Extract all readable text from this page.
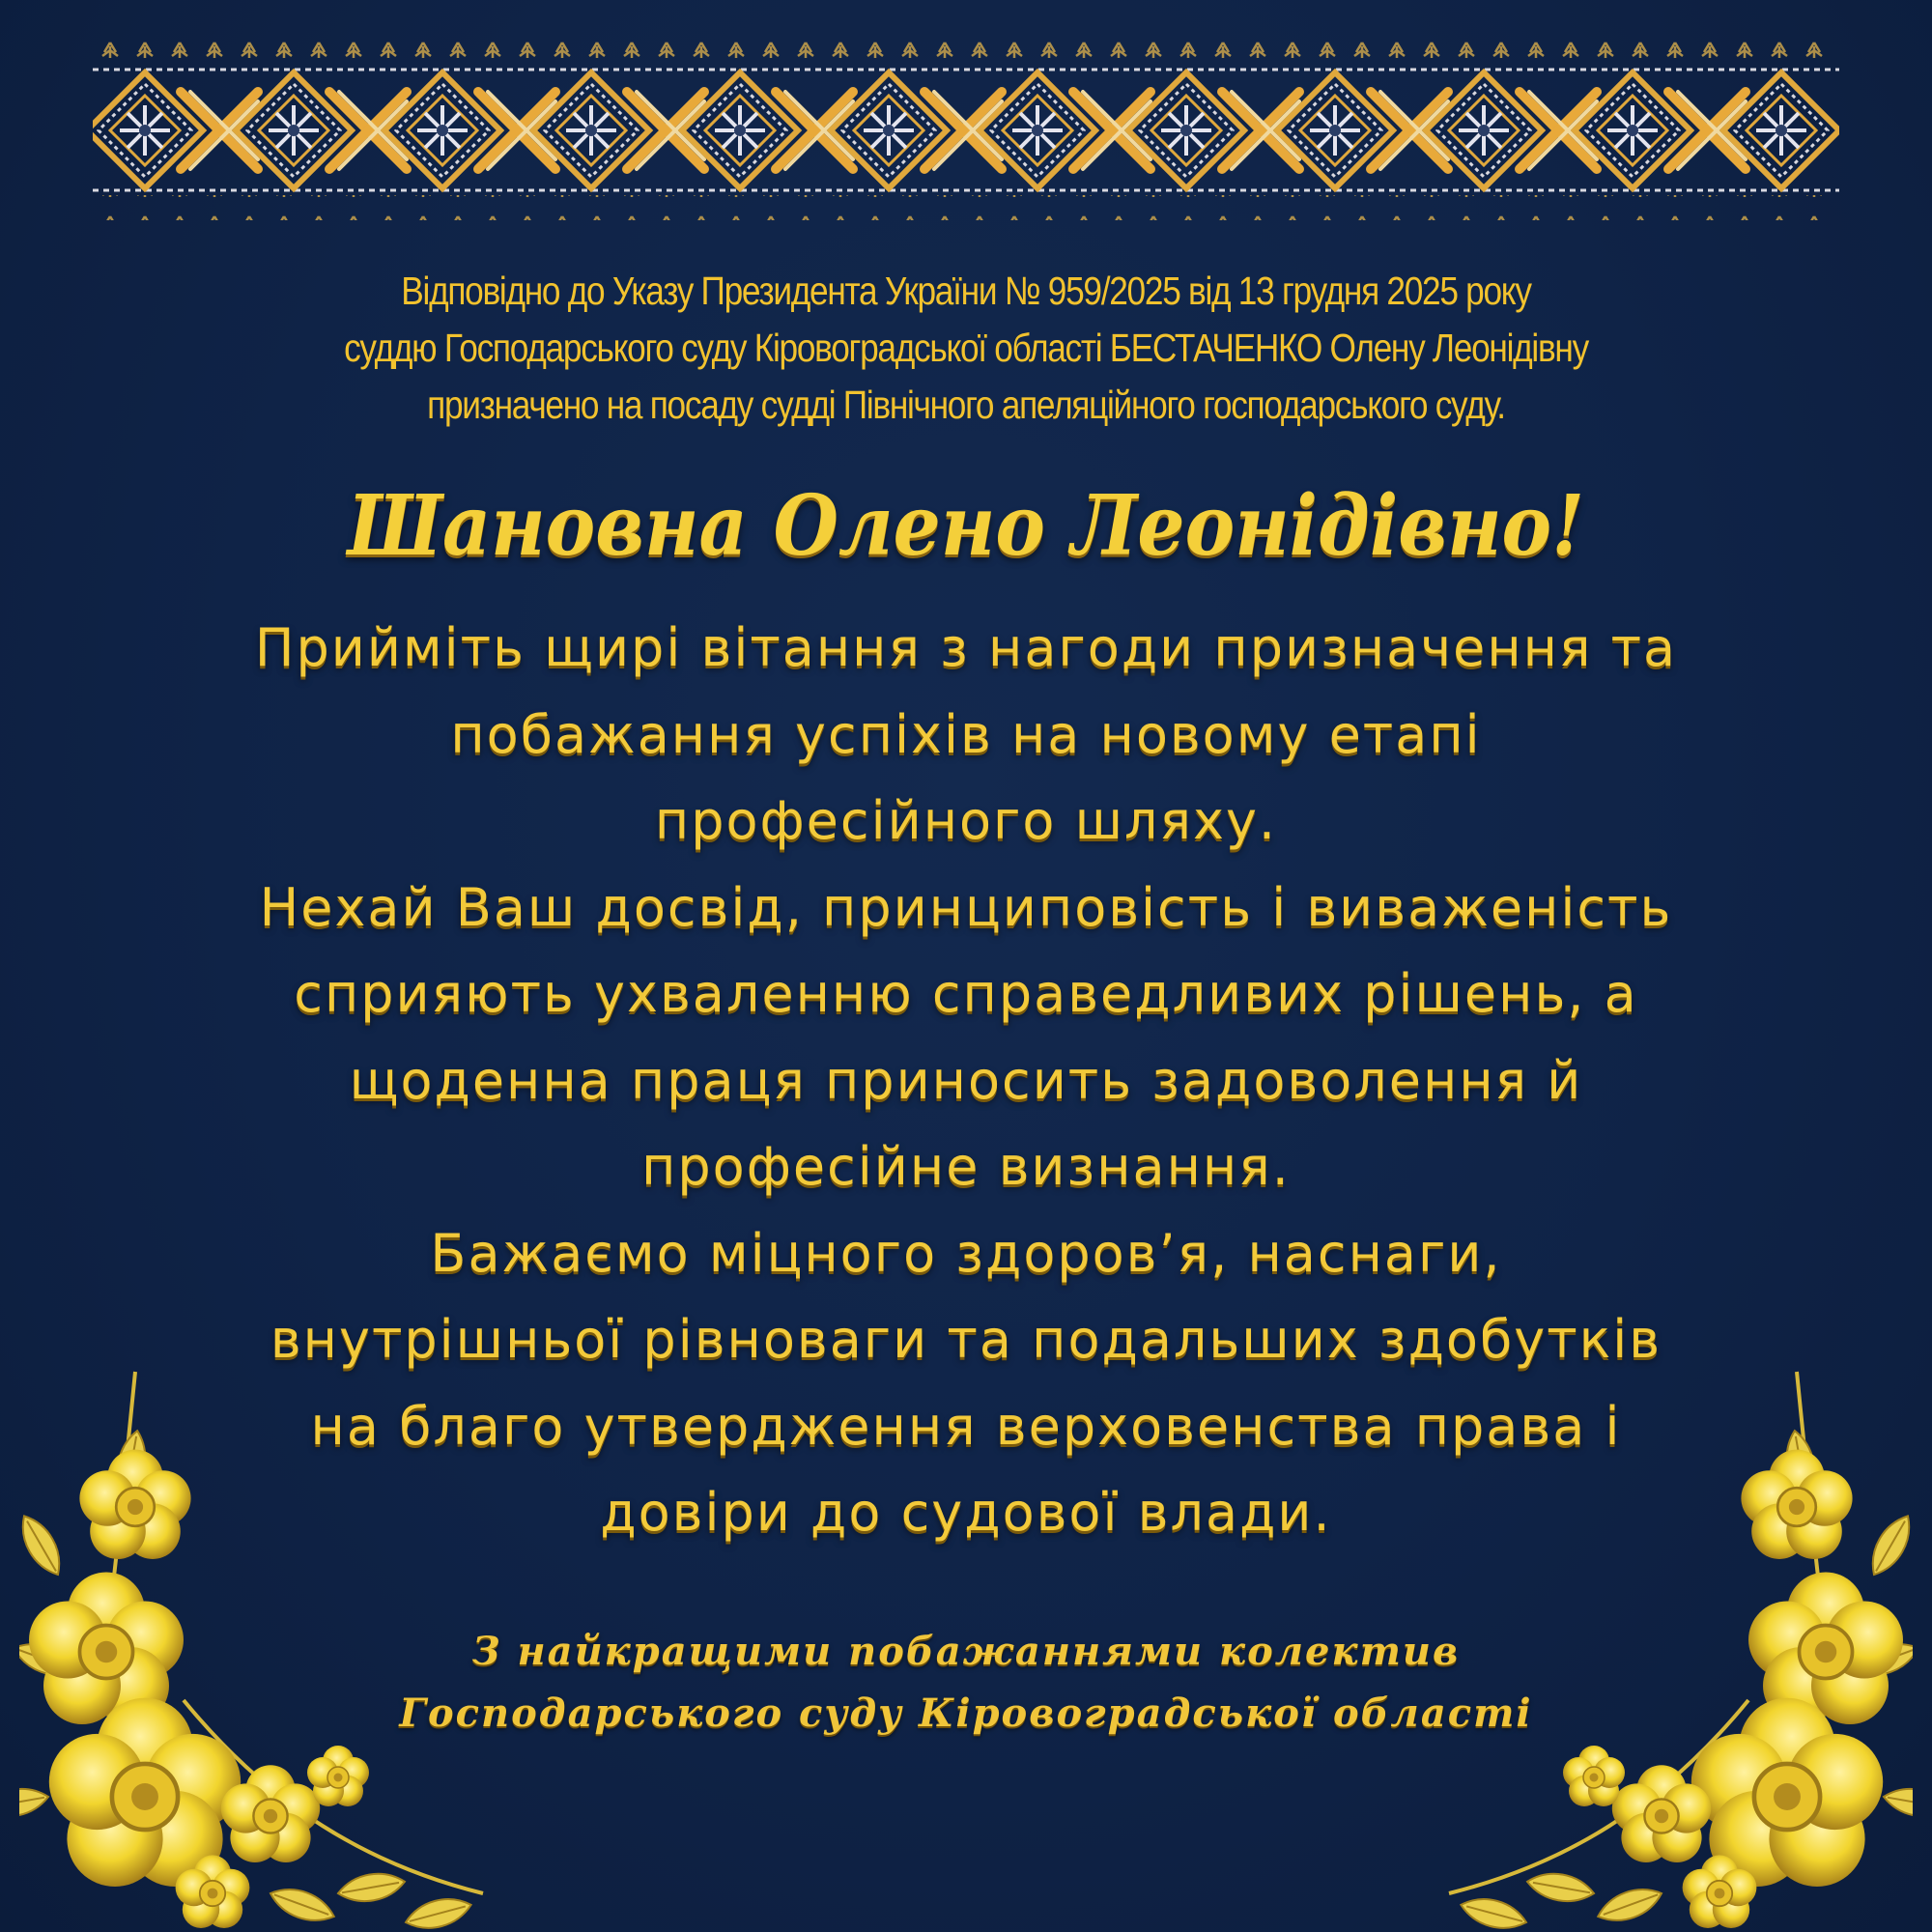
Відповідно до Указу Президента України № 959/2025 від 13 грудня 2025 року
суддю Господарського суду Кіровоградської області БЕСТАЧЕНКО Олену Леонідівну
призначено на посаду судді Північного апеляційного господарського суду.
Шановна Олено Леонідівно!
Прийміть щирі вітання з нагоди призначення та
побажання успіхів на новому етапі
професійного шляху.
Нехай Ваш досвід, принциповість і виваженість
сприяють ухваленню справедливих рішень, а
щоденна праця приносить задоволення й
професійне визнання.
Бажаємо міцного здоров’я, наснаги,
внутрішньої рівноваги та подальших здобутків
на благо утвердження верховенства права і
довіри до судової влади.
З найкращими побажаннями колектив
Господарського суду Кіровоградської області
